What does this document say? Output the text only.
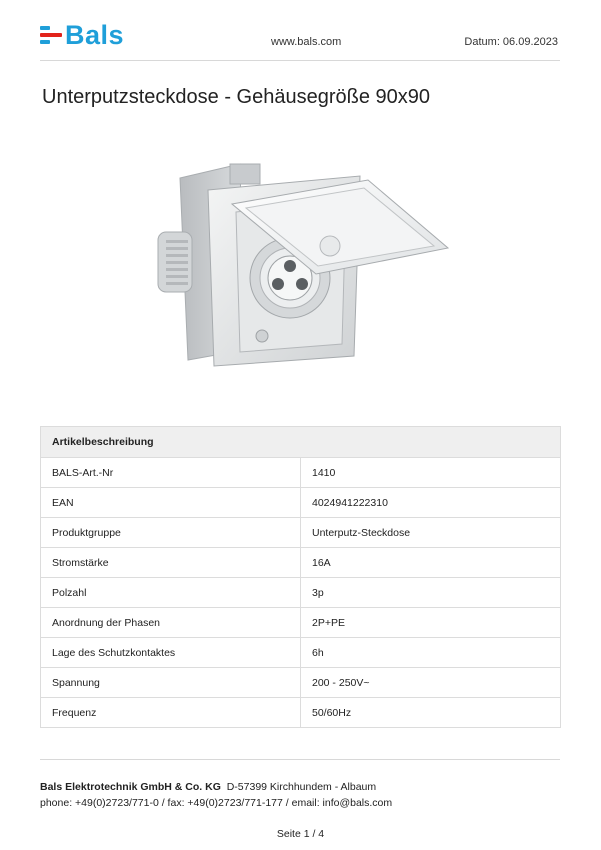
Bals	www.bals.com	Datum: 06.09.2023
Unterputzsteckdose - Gehäusegröße 90x90
Artikelbeschreibung	
BALS-Art.-Nr	1410
EAN	4024941222310
Produktgruppe	Unterputz-Steckdose
Stromstärke	16A
Polzahl	3p
Anordnung der Phasen	2P+PE
Lage des Schutzkontaktes	6h
Spannung	200 - 250V~
Frequenz	50/60Hz
Bals Elektrotechnik GmbH & Co. KG D-57399 Kirchhundem - Albaum
phone: +49(0)2723/771-0 / fax: +49(0)2723/771-177 / email: info@bals.com
Seite 1 / 4
